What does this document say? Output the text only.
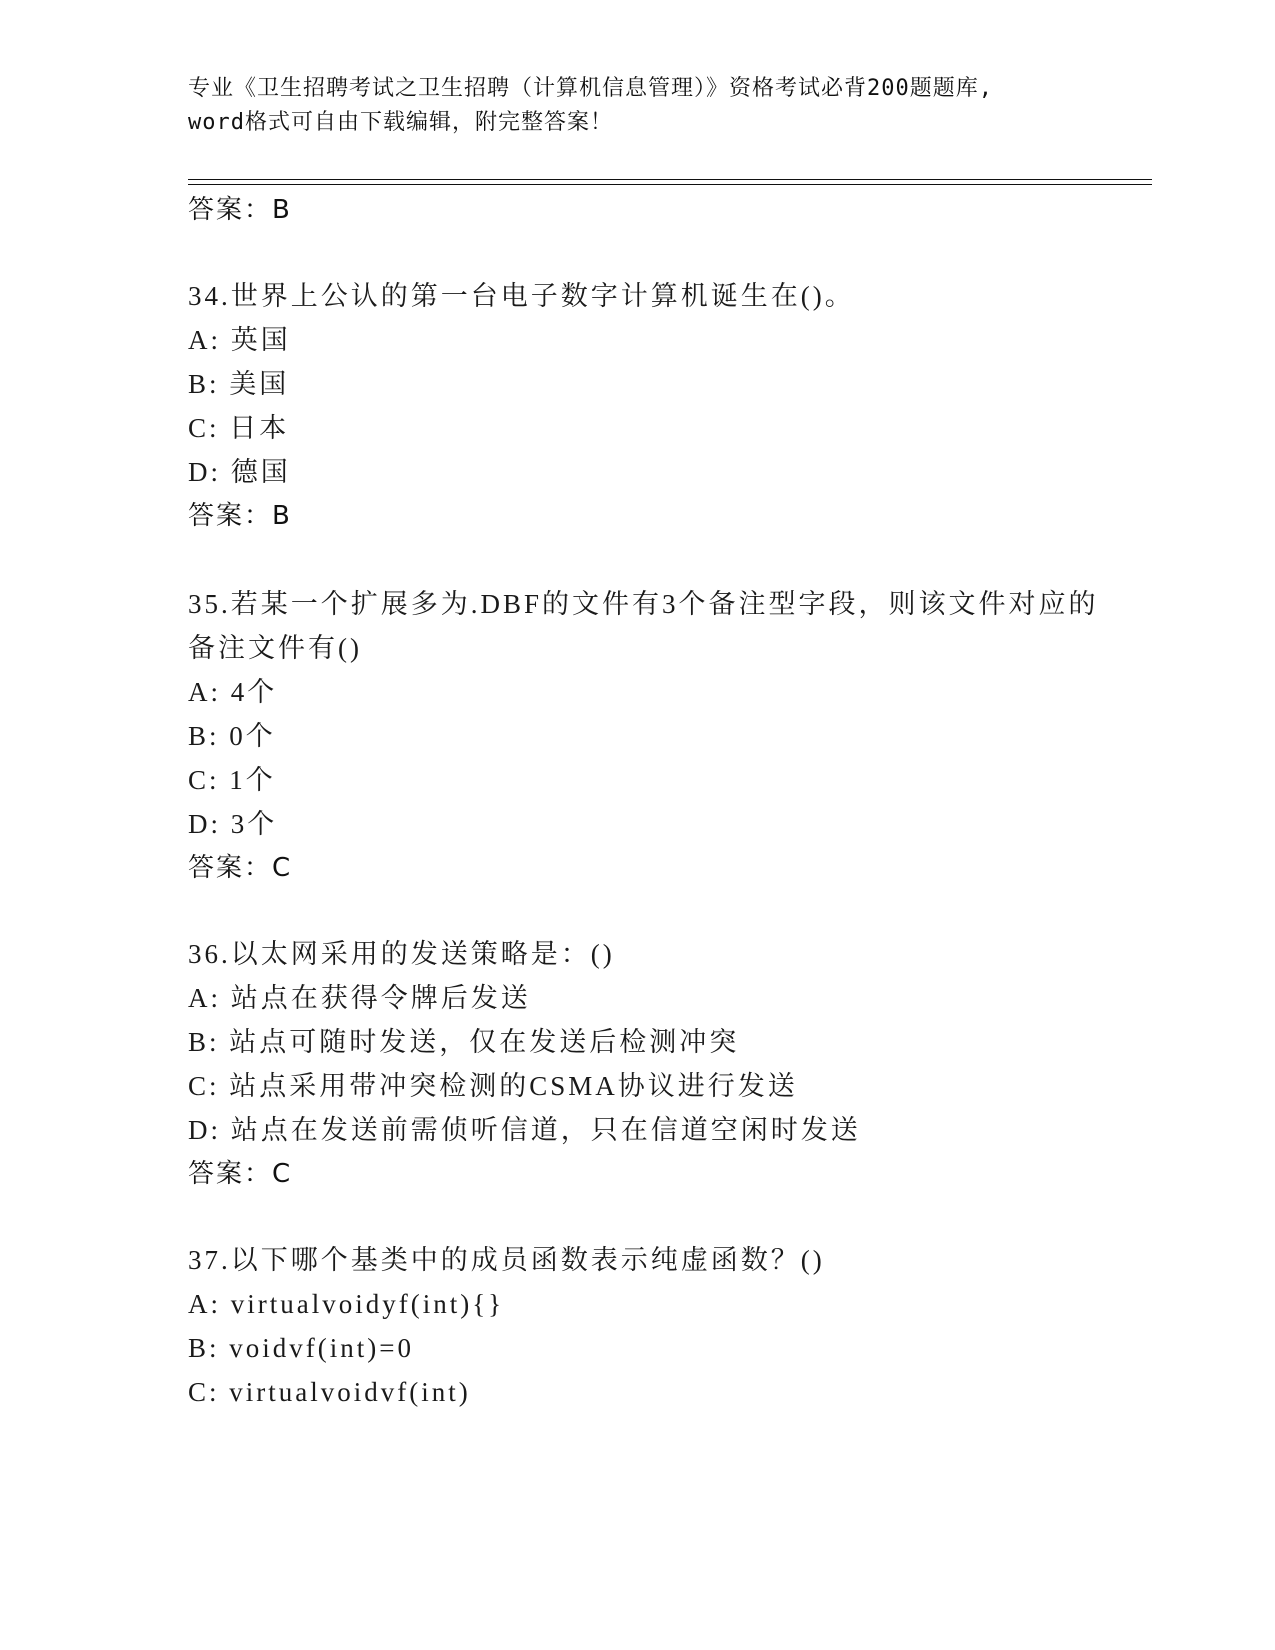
专业《卫生招聘考试之卫生招聘（计算机信息管理）》资格考试必背200题题库,
word格式可自由下载编辑，附完整答案！
答案：B
34.世界上公认的第一台电子数字计算机诞生在()。
A: 英国
B: 美国
C: 日本
D: 德国
答案：B
35.若某一个扩展多为.DBF的文件有3个备注型字段，则该文件对应的
备注文件有()
A: 4个
B: 0个
C: 1个
D: 3个
答案：C
36.以太网采用的发送策略是：()
A: 站点在获得令牌后发送
B: 站点可随时发送，仅在发送后检测冲突
C: 站点采用带冲突检测的CSMA协议进行发送
D: 站点在发送前需侦听信道，只在信道空闲时发送
答案：C
37.以下哪个基类中的成员函数表示纯虚函数？()
A: virtualvoidyf(int){}
B: voidvf(int)=0
C: virtualvoidvf(int)
